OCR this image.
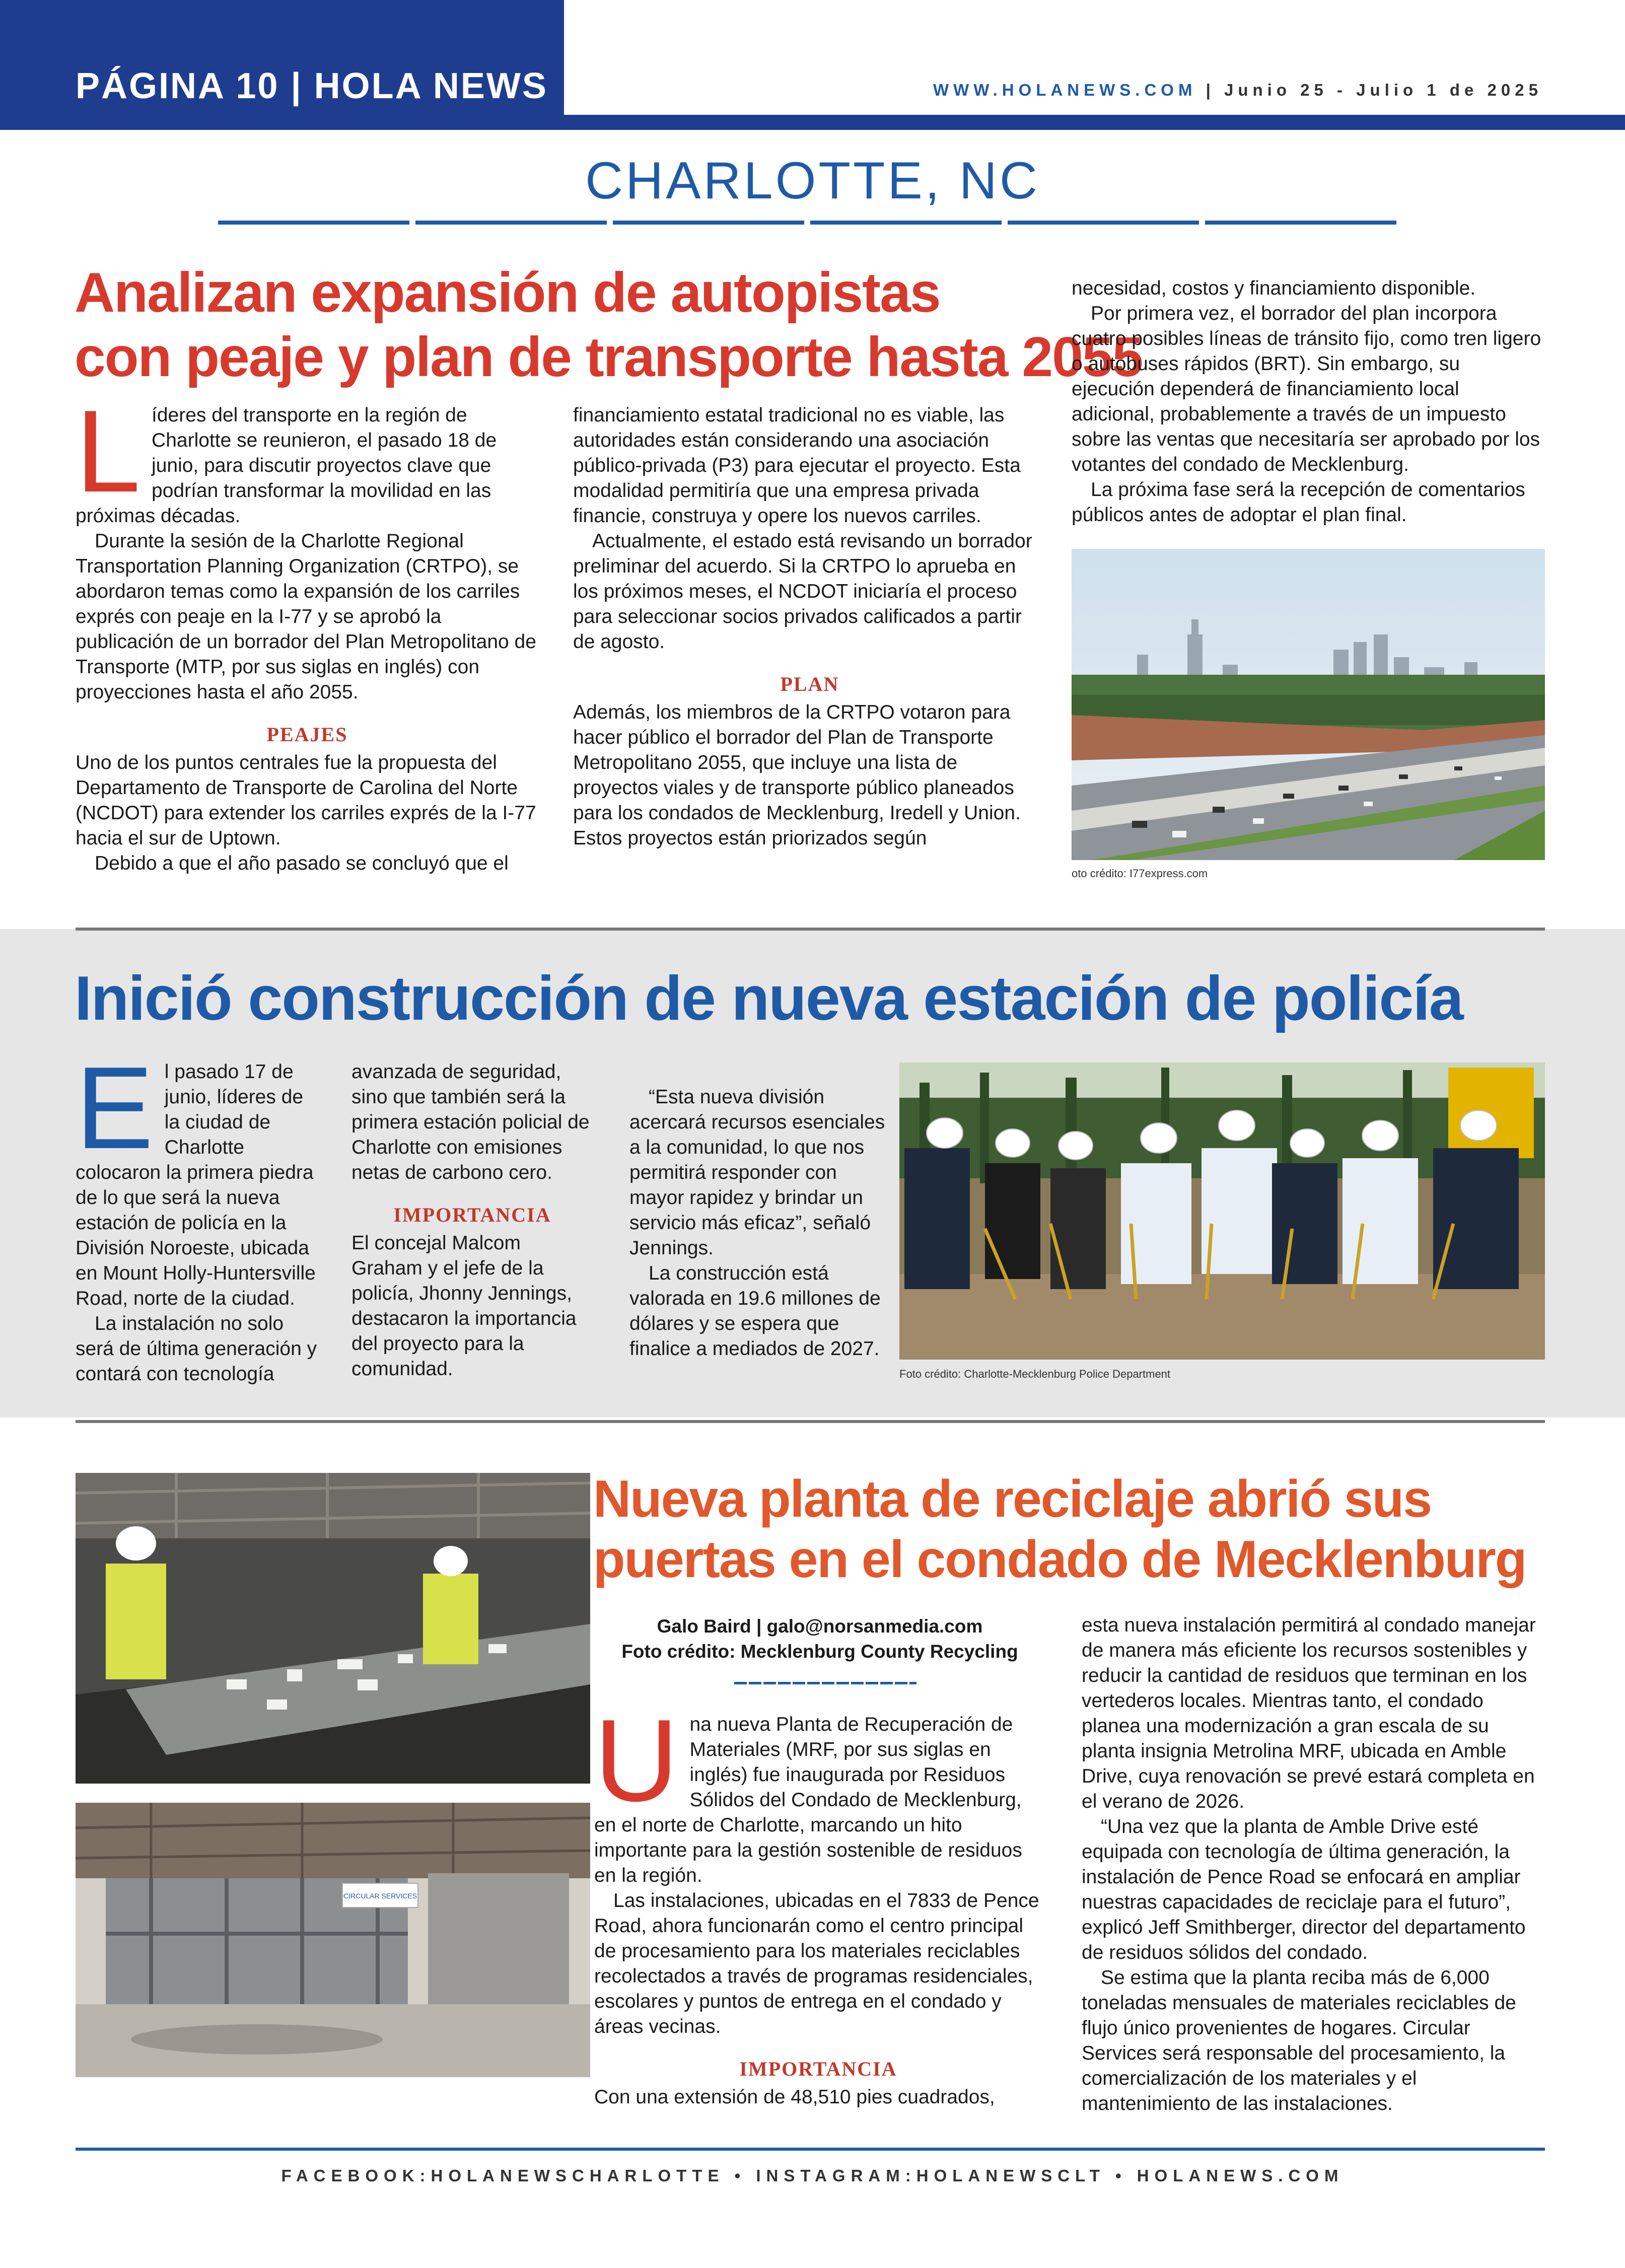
PÁGINA 10 | HOLA NEWS	WWW.HOLANEWS.COM | Junio 25 - Julio 1 de 2025
CHARLOTTE, NC
Analizan expansión de autopistas
con peaje y plan de transporte hasta 2055

Líderes del transporte en la región de Charlotte se reunieron, el pasado 18 de junio, para discutir proyectos clave que podrían transformar la movilidad en las próximas décadas.

Durante la sesión de la Charlotte Regional Transportation Planning Organization (CRTPO), se abordaron temas como la expansión de los carriles exprés con peaje en la I-77 y se aprobó la publicación de un borrador del Plan Metropolitano de Transporte (MTP, por sus siglas en inglés) con proyecciones hasta el año 2055.

PEAJES

Uno de los puntos centrales fue la propuesta del Departamento de Transporte de Carolina del Norte (NCDOT) para extender los carriles exprés de la I-77 hacia el sur de Uptown.

Debido a que el año pasado se concluyó que el

financiamiento estatal tradicional no es viable, las autoridades están considerando una asociación público-privada (P3) para ejecutar el proyecto. Esta modalidad permitiría que una empresa privada financie, construya y opere los nuevos carriles.

Actualmente, el estado está revisando un borrador preliminar del acuerdo. Si la CRTPO lo aprueba en los próximos meses, el NCDOT iniciaría el proceso para seleccionar socios privados calificados a partir de agosto.

PLAN

Además, los miembros de la CRTPO votaron para hacer público el borrador del Plan de Transporte Metropolitano 2055, que incluye una lista de proyectos viales y de transporte público planeados para los condados de Mecklenburg, Iredell y Union. Estos proyectos están priorizados según

necesidad, costos y financiamiento disponible.

Por primera vez, el borrador del plan incorpora cuatro posibles líneas de tránsito fijo, como tren ligero o autobuses rápidos (BRT). Sin embargo, su ejecución dependerá de financiamiento local adicional, probablemente a través de un impuesto sobre las ventas que necesitaría ser aprobado por los votantes del condado de Mecklenburg.

La próxima fase será la recepción de comentarios públicos antes de adoptar el plan final.

oto crédito: I77express.com
Inició construcción de nueva estación de policía

El pasado 17 de junio, líderes de la ciudad de Charlotte colocaron la primera piedra de lo que será la nueva estación de policía en la División Noroeste, ubicada en Mount Holly-Huntersville Road, norte de la ciudad.

La instalación no solo será de última generación y contará con tecnología

avanzada de seguridad, sino que también será la primera estación policial de Charlotte con emisiones netas de carbono cero.

IMPORTANCIA

El concejal Malcom Graham y el jefe de la policía, Jhonny Jennings, destacaron la importancia del proyecto para la comunidad.

“Esta nueva división acercará recursos esenciales a la comunidad, lo que nos permitirá responder con mayor rapidez y brindar un servicio más eficaz”, señaló Jennings.

La construcción está valorada en 19.6 millones de dólares y se espera que finalice a mediados de 2027.

Foto crédito: Charlotte-Mecklenburg Police Department
CIRCULAR SERVICES
Nueva planta de reciclaje abrió sus
puertas en el condado de Mecklenburg
Galo Baird | galo@norsanmedia.com
Foto crédito: Mecklenburg County Recycling

Una nueva Planta de Recuperación de Materiales (MRF, por sus siglas en inglés) fue inaugurada por Residuos Sólidos del Condado de Mecklenburg, en el norte de Charlotte, marcando un hito importante para la gestión sostenible de residuos en la región.

Las instalaciones, ubicadas en el 7833 de Pence Road, ahora funcionarán como el centro principal de procesamiento para los materiales reciclables recolectados a través de programas residenciales, escolares y puntos de entrega en el condado y áreas vecinas.

IMPORTANCIA

Con una extensión de 48,510 pies cuadrados,

esta nueva instalación permitirá al condado manejar de manera más eficiente los recursos sostenibles y reducir la cantidad de residuos que terminan en los vertederos locales. Mientras tanto, el condado planea una modernización a gran escala de su planta insignia Metrolina MRF, ubicada en Amble Drive, cuya renovación se prevé estará completa en el verano de 2026.

“Una vez que la planta de Amble Drive esté equipada con tecnología de última generación, la instalación de Pence Road se enfocará en ampliar nuestras capacidades de reciclaje para el futuro”, explicó Jeff Smithberger, director del departamento de residuos sólidos del condado.

Se estima que la planta reciba más de 6,000 toneladas mensuales de materiales reciclables de flujo único provenientes de hogares. Circular Services será responsable del procesamiento, la comercialización de los materiales y el mantenimiento de las instalaciones.

FACEBOOK:HOLANEWSCHARLOTTE • INSTAGRAM:HOLANEWSCLT • HOLANEWS.COM
